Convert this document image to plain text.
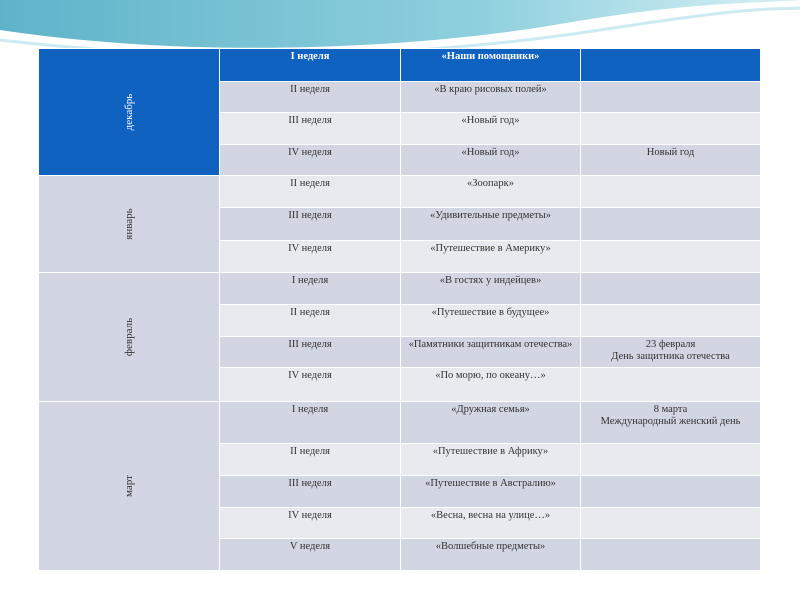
декабрь	I неделя	«Наши помощники»	
	II неделя	«В краю рисовых полей»	
	III неделя	«Новый год»	
	IV неделя	«Новый год»	Новый год

январь	II неделя	«Зоопарк»	
	III неделя	«Удивительные предметы»	
	IV неделя	«Путешествие в Америку»	

февраль	I неделя	«В гостях у индейцев»	
	II неделя	«Путешествие в будущее»	
	III неделя	«Памятники защитникам отечества»	23 февраля
День защитника отечества
	IV неделя	«По морю, по океану…»	

март	I неделя	«Дружная семья»	8 марта
Международный женский день
	II неделя	«Путешествие в Африку»	
	III неделя	«Путешествие в Австралию»	
	IV неделя	«Весна, весна на улице…»	
	V неделя	«Волшебные предметы»	
